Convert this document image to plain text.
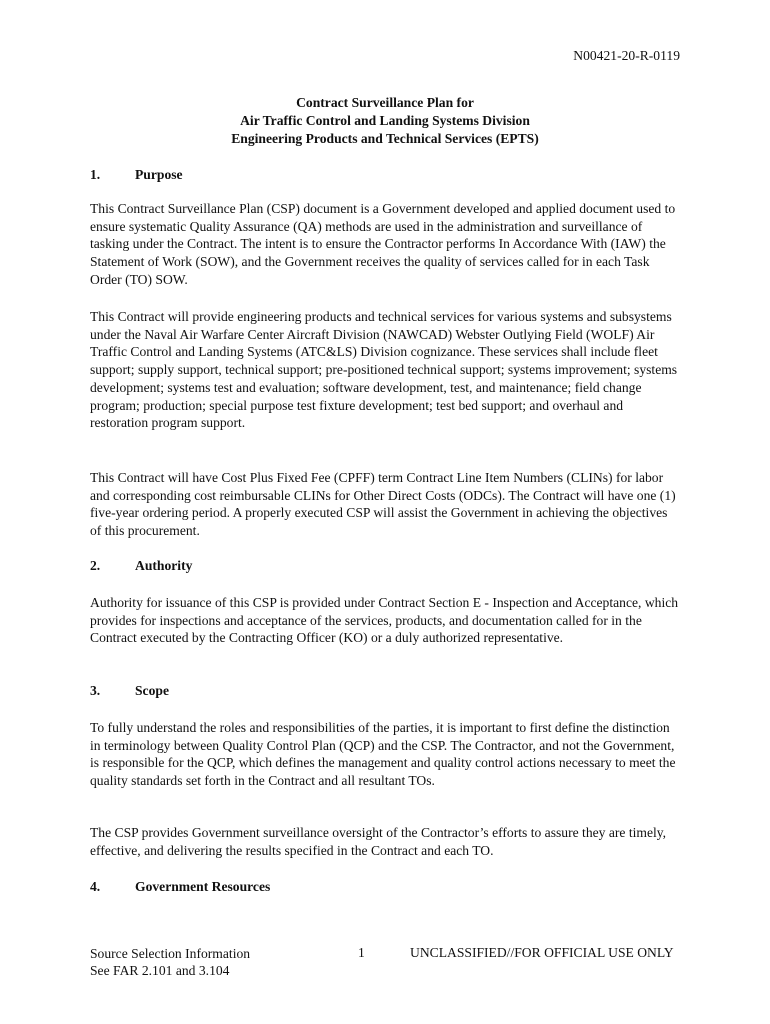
N00421-20-R-0119
Contract Surveillance Plan for
Air Traffic Control and Landing Systems Division
Engineering Products and Technical Services (EPTS)
1.	Purpose
This Contract Surveillance Plan (CSP) document is a Government developed and applied document used to ensure systematic Quality Assurance (QA) methods are used in the administration and surveillance of tasking under the Contract. The intent is to ensure the Contractor performs In Accordance With (IAW) the Statement of Work (SOW), and the Government receives the quality of services called for in each Task Order (TO) SOW.
This Contract will provide engineering products and technical services for various systems and subsystems under the Naval Air Warfare Center Aircraft Division (NAWCAD) Webster Outlying Field (WOLF) Air Traffic Control and Landing Systems (ATC&LS) Division cognizance. These services shall include fleet support; supply support, technical support; pre-positioned technical support; systems improvement; systems development; systems test and evaluation; software development, test, and maintenance; field change program; production; special purpose test fixture development; test bed support; and overhaul and restoration program support.
This Contract will have Cost Plus Fixed Fee (CPFF) term Contract Line Item Numbers (CLINs) for labor and corresponding cost reimbursable CLINs for Other Direct Costs (ODCs). The Contract will have one (1) five-year ordering period. A properly executed CSP will assist the Government in achieving the objectives of this procurement.
2.	Authority
Authority for issuance of this CSP is provided under Contract Section E - Inspection and Acceptance, which provides for inspections and acceptance of the services, products, and documentation called for in the Contract executed by the Contracting Officer (KO) or a duly authorized representative.
3.	Scope
To fully understand the roles and responsibilities of the parties, it is important to first define the distinction in terminology between Quality Control Plan (QCP) and the CSP. The Contractor, and not the Government, is responsible for the QCP, which defines the management and quality control actions necessary to meet the quality standards set forth in the Contract and all resultant TOs.
The CSP provides Government surveillance oversight of the Contractor’s efforts to assure they are timely, effective, and delivering the results specified in the Contract and each TO.
4.	Government Resources
Source Selection Information
See FAR 2.101 and 3.104
1	UNCLASSIFIED//FOR OFFICIAL USE ONLY
